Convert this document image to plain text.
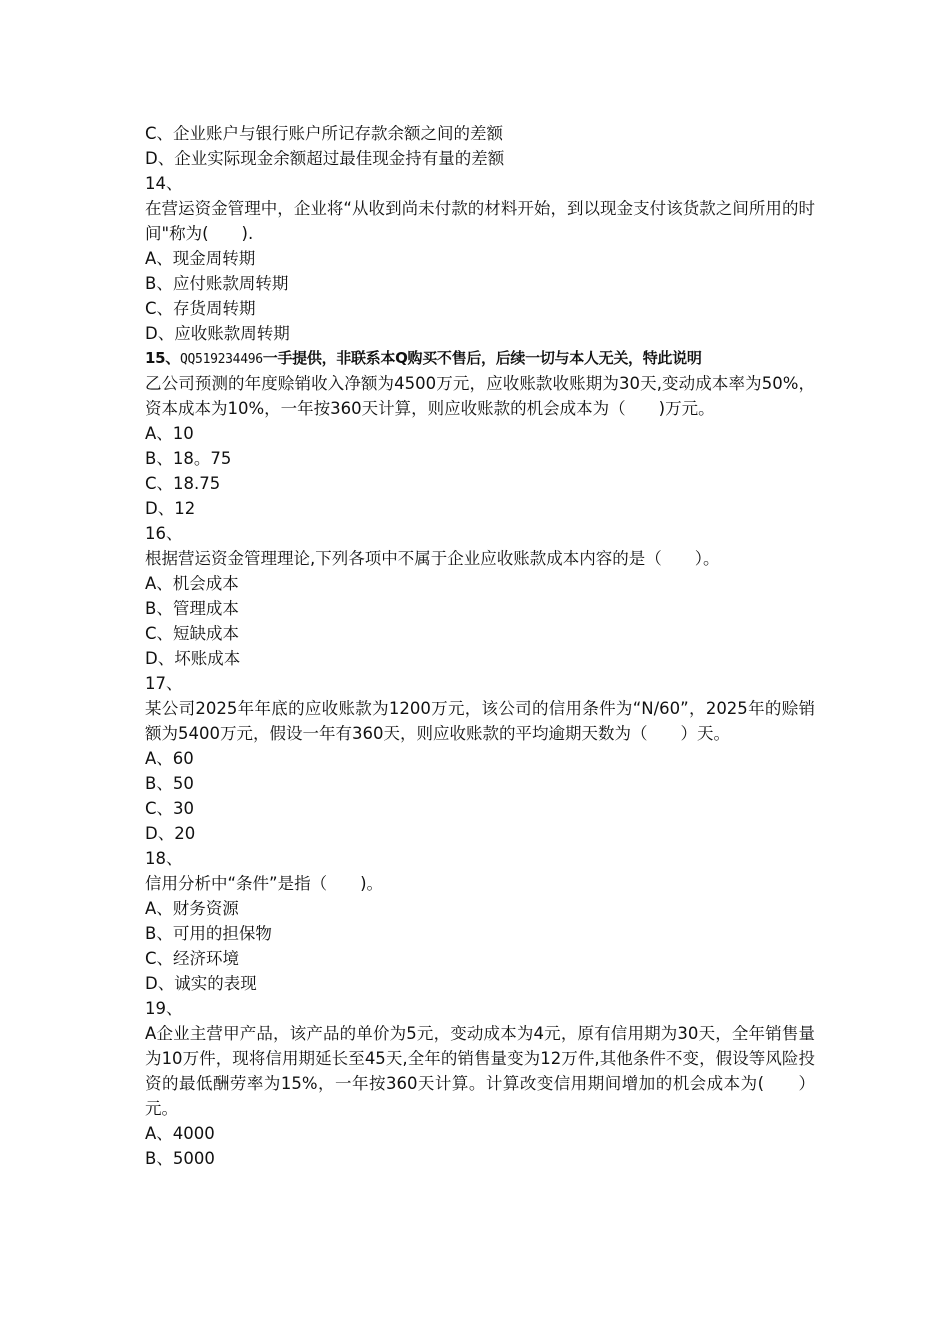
C、企业账户与银行账户所记存款余额之间的差额
D、企业实际现金余额超过最佳现金持有量的差额
14、
在营运资金管理中，企业将“从收到尚未付款的材料开始，到以现金支付该货款之间所用的时间"称为(　　).
A、现金周转期
B、应付账款周转期
C、存货周转期
D、应收账款周转期
15、QQ519234496一手提供，非联系本Q购买不售后，后续一切与本人无关，特此说明
乙公司预测的年度赊销收入净额为4500万元，应收账款收账期为30天,变动成本率为50%，资本成本为10%，一年按360天计算，则应收账款的机会成本为（　　)万元。
A、10
B、18。75
C、18.75
D、12
16、
根据营运资金管理理论,下列各项中不属于企业应收账款成本内容的是（　　）。
A、机会成本
B、管理成本
C、短缺成本
D、坏账成本
17、
某公司2025年年底的应收账款为1200万元，该公司的信用条件为“N/60”，2025年的赊销额为5400万元，假设一年有360天，则应收账款的平均逾期天数为（　　）天。
A、60
B、50
C、30
D、20
18、
信用分析中“条件”是指（　　)。
A、财务资源
B、可用的担保物
C、经济环境
D、诚实的表现
19、
A企业主营甲产品，该产品的单价为5元，变动成本为4元，原有信用期为30天，全年销售量为10万件，现将信用期延长至45天,全年的销售量变为12万件,其他条件不变，假设等风险投资的最低酬劳率为15%，一年按360天计算。计算改变信用期间增加的机会成本为(　　）元。
A、4000
B、5000
